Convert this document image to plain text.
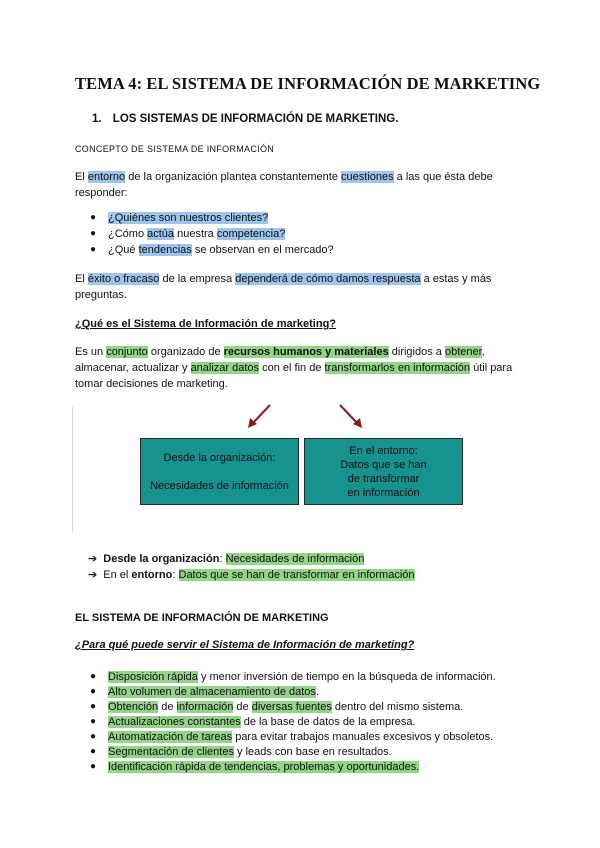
TEMA 4: EL SISTEMA DE INFORMACIÓN DE MARKETING
1. LOS SISTEMAS DE INFORMACIÓN DE MARKETING.
CONCEPTO DE SISTEMA DE INFORMACIÓN
El entorno de la organización plantea constantemente cuestiones a las que ésta debe
responder:
● ¿Quiénes son nuestros clientes?
● ¿Cómo actúa nuestra competencia?
● ¿Qué tendencias se observan en el mercado?
El éxito o fracaso de la empresa dependerá de cómo damos respuesta a estas y más
preguntas.
¿Qué es el Sistema de Información de marketing?
Es un conjunto organizado de recursos humanos y materiales dirigidos a obtener,
almacenar, actualizar y analizar datos con el fin de transformarlos en información útil para
tomar decisiones de marketing.
Desde la organización:
Necesidades de información
En el entorno:
Datos que se han
de transformar
en información
➔ Desde la organización: Necesidades de información
➔ En el entorno: Datos que se han de transformar en información
EL SISTEMA DE INFORMACIÓN DE MARKETING
¿Para qué puede servir el Sistema de Información de marketing?
● Disposición rápida y menor inversión de tiempo en la búsqueda de información.
● Alto volumen de almacenamiento de datos.
● Obtención de información de diversas fuentes dentro del mismo sistema.
● Actualizaciones constantes de la base de datos de la empresa.
● Automatización de tareas para evitar trabajos manuales excesivos y obsoletos.
● Segmentación de clientes y leads con base en resultados.
● Identificación rápida de tendencias, problemas y oportunidades.
